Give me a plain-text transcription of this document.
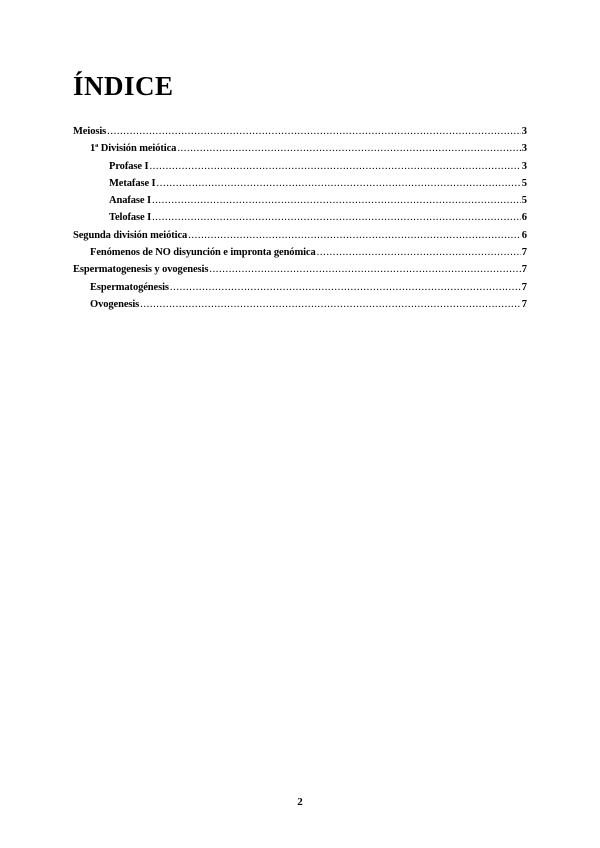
ÍNDICE
Meiosis .....	3
1ª División meiótica .....	3
Profase I .....	3
Metafase I .....	5
Anafase I .....	5
Telofase I .....	6
Segunda división meiótica .....	6
Fenómenos de NO disyunción e impronta genómica .....	7
Espermatogenesis y ovogenesis .....	7
Espermatogénesis .....	7
Ovogenesis .....	7
2
